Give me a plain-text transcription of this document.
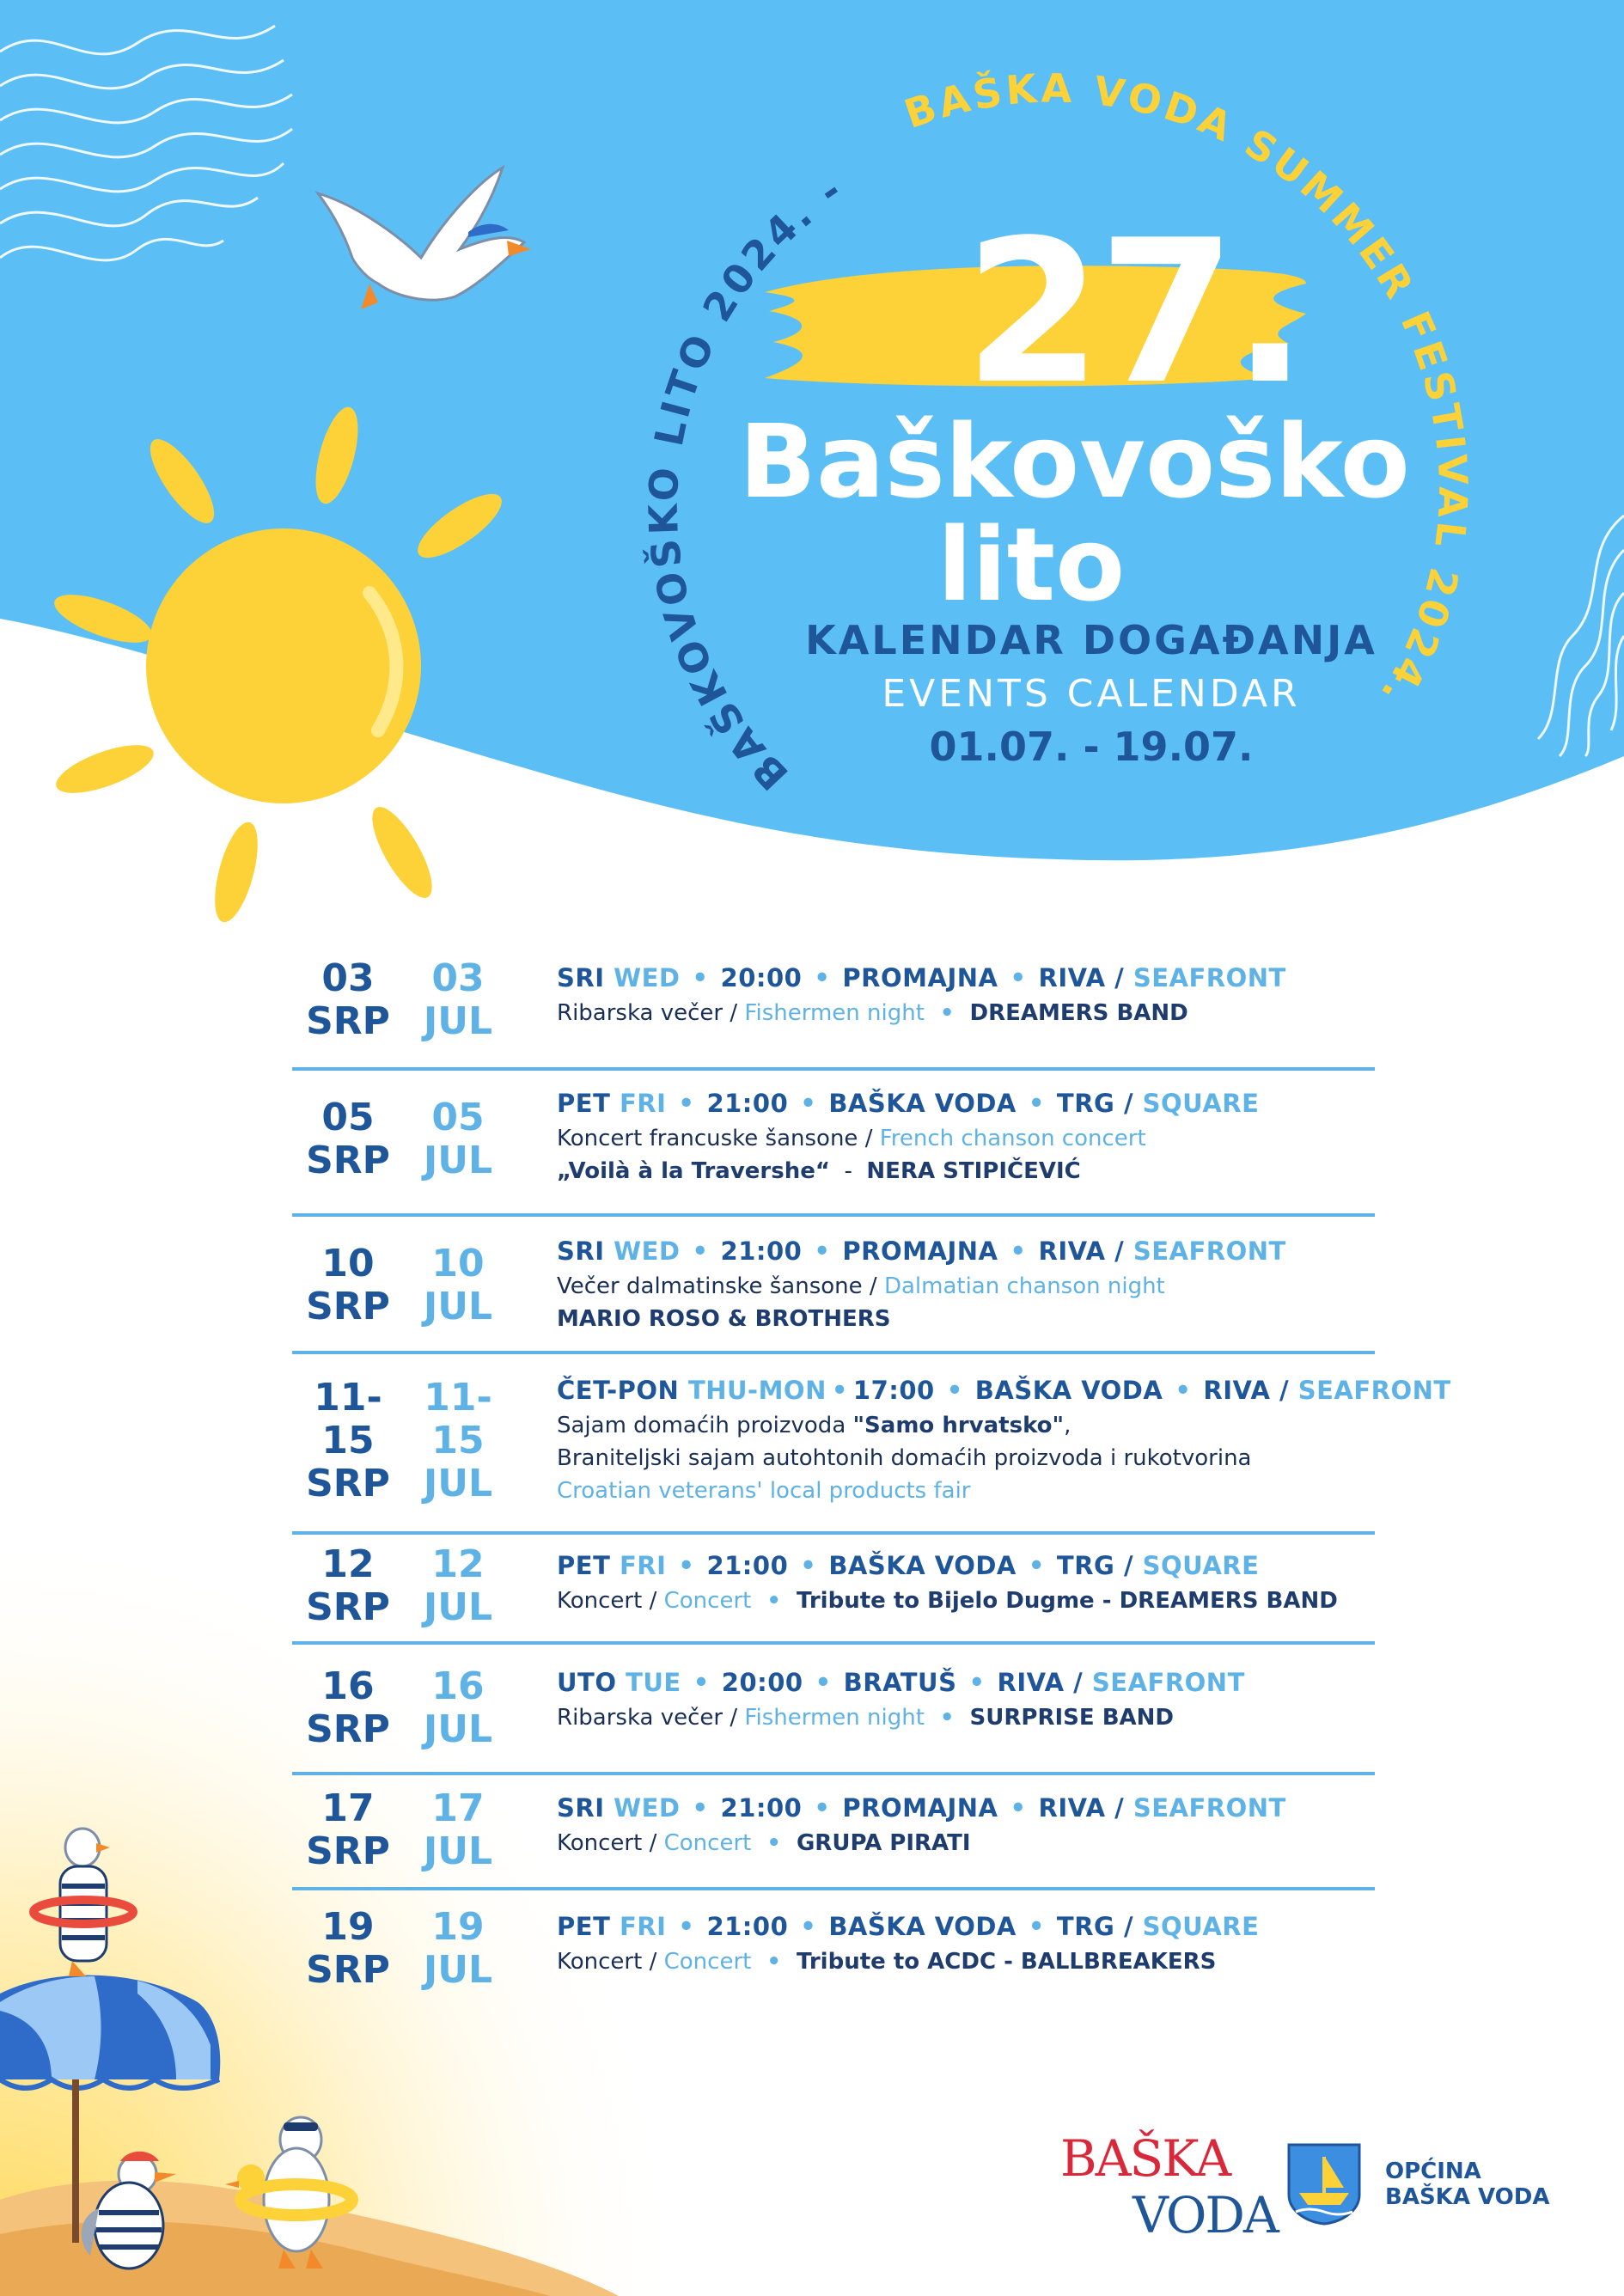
BAŠKOVOŠKO LITO 2024. -
BAŠKA VODA SUMMER FESTIVAL 2024.
27.
Baškovoško
lito
KALENDAR DOGAĐANJA
EVENTS CALENDAR
01.07. - 19.07.
03
SRP
03
JUL
SRI WED • 20:00 • PROMAJNA • RIVA / SEAFRONT
Ribarska večer / Fishermen night • DREAMERS BAND
05
SRP
05
JUL
PET FRI • 21:00 • BAŠKA VODA • TRG / SQUARE
Koncert francuske šansone / French chanson concert
„Voilà à la Travershe“  -  NERA STIPIČEVIĆ
10
SRP
10
JUL
SRI WED • 21:00 • PROMAJNA • RIVA / SEAFRONT
Večer dalmatinske šansone / Dalmatian chanson night
MARIO ROSO & BROTHERS
11-15
SRP
11-15
JUL
ČET-PON THU-MON • 17:00 • BAŠKA VODA • RIVA / SEAFRONT
Sajam domaćih proizvoda "Samo hrvatsko",
Braniteljski sajam autohtonih domaćih proizvoda i rukotvorina
Croatian veterans' local products fair
12
SRP
12
JUL
PET FRI • 21:00 • BAŠKA VODA • TRG / SQUARE
Koncert / Concert • Tribute to Bijelo Dugme - DREAMERS BAND
16
SRP
16
JUL
UTO TUE • 20:00 • BRATUŠ • RIVA / SEAFRONT
Ribarska večer / Fishermen night • SURPRISE BAND
17
SRP
17
JUL
SRI WED • 21:00 • PROMAJNA • RIVA / SEAFRONT
Koncert / Concert • GRUPA PIRATI
19
SRP
19
JUL
PET FRI • 21:00 • BAŠKA VODA • TRG / SQUARE
Koncert / Concert • Tribute to ACDC - BALLBREAKERS
BAŠKA
VODA
OPĆINA
BAŠKA VODA
